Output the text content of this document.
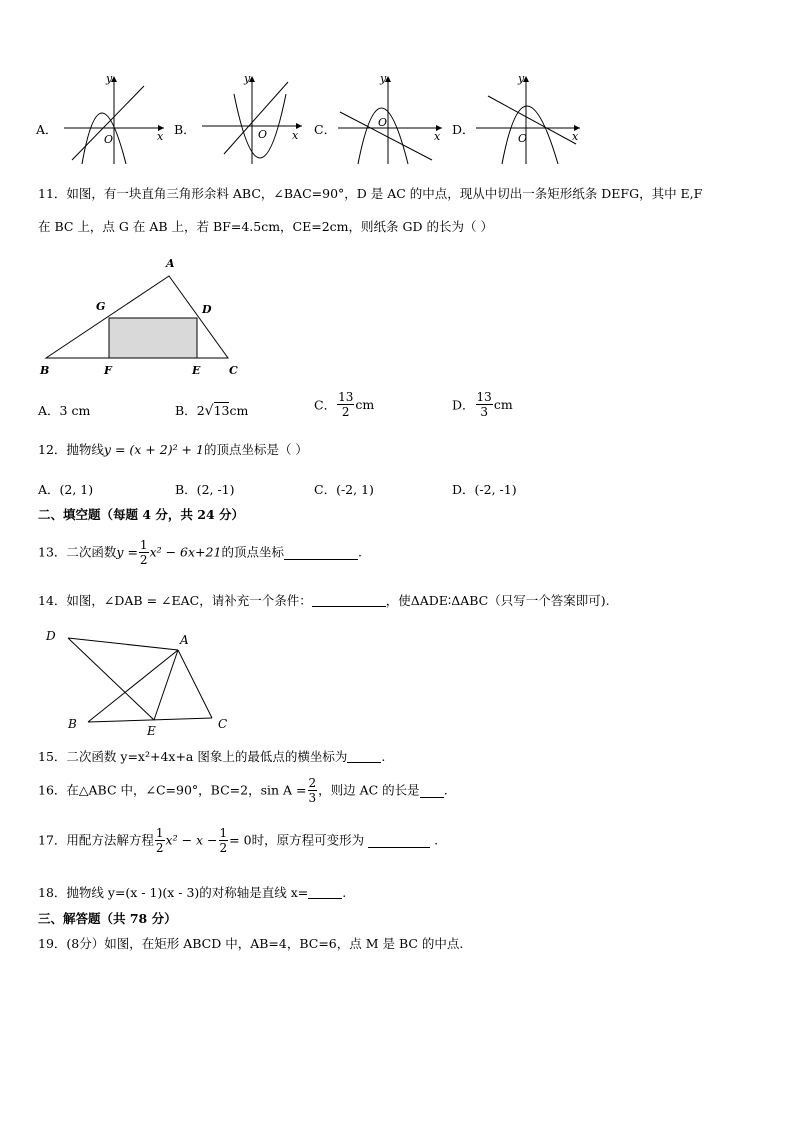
A．
y
x
O
B．
y
x
O	C．
y
x
O	D．
y
x
O
11．如图，有一块直角三角形余料 ABC，∠BAC=90°，D 是 AC 的中点，现从中切出一条矩形纸条 DEFG，其中 E,F
在 BC 上，点 G 在 AB 上，若 BF=4.5cm，CE=2cm，则纸条 GD 的长为（ ）
A
G	D
B	F	E	C
A．3 cm	B．2√13cm	C． $\frac{13}{2}$ cm	D． $\frac{13}{3}$ cm
12．抛物线y = (x + 2)² + 1的顶点坐标是（ ）
A．(2, 1)	B．(2, -1)	C．(-2, 1)	D．(-2, -1)
二、填空题（每题 4 分，共 24 分）
13．二次函数$y = \frac{1}{2} x^2 - 6x+21$的顶点坐标	.
14．如图，∠DAB = ∠EAC，请补充一个条件：	，使ΔADE∶ΔABC（只写一个答案即可).
D	A
B	E	C
15．二次函数 y=x²+4x+a 图象上的最低点的横坐标为	.
16．在△ABC 中，∠C=90°，BC=2，$\sin A = \frac{2}{3}$ ，则边 AC 的长是 .
17．用配方法解方程 $\frac{1}{2} x^2 - x - \frac{1}{2} = 0$时，原方程可变形为	.
18．抛物线 y=(x - 1)(x - 3)的对称轴是直线 x=	.
三、解答题（共 78 分）
19．(8分）如图，在矩形 ABCD 中，AB=4，BC=6，点 M 是 BC 的中点.
